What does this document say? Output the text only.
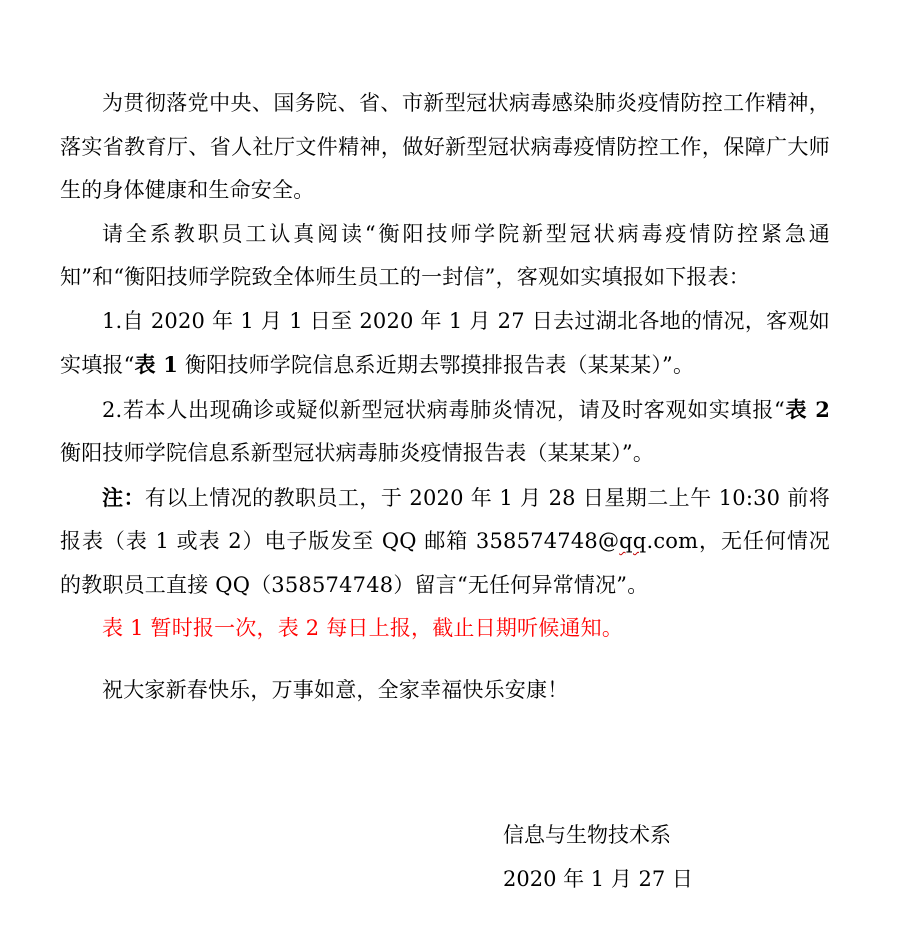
为贯彻落党中央、国务院、省、市新型冠状病毒感染肺炎疫情防控工作精神，落实省教育厅、省人社厅文件精神，做好新型冠状病毒疫情防控工作，保障广大师生的身体健康和生命安全。

请全系教职员工认真阅读“衡阳技师学院新型冠状病毒疫情防控紧急通知”和“衡阳技师学院致全体师生员工的一封信”，客观如实填报如下报表：

1.自 2020 年 1 月 1 日至 2020 年 1 月 27 日去过湖北各地的情况，客观如实填报“表 1 衡阳技师学院信息系近期去鄂摸排报告表（某某某）”。

2.若本人出现确诊或疑似新型冠状病毒肺炎情况，请及时客观如实填报“表 2 衡阳技师学院信息系新型冠状病毒肺炎疫情报告表（某某某）”。

注：有以上情况的教职员工，于 2020 年 1 月 28 日星期二上午 10:30 前将报表（表 1 或表 2）电子版发至 QQ 邮箱 358574748@qq.com，无任何情况的教职员工直接 QQ（358574748）留言“无任何异常情况”。

表 1 暂时报一次，表 2 每日上报，截止日期听候通知。

祝大家新春快乐，万事如意，全家幸福快乐安康！

信息与生物技术系
2020 年 1 月 27 日
